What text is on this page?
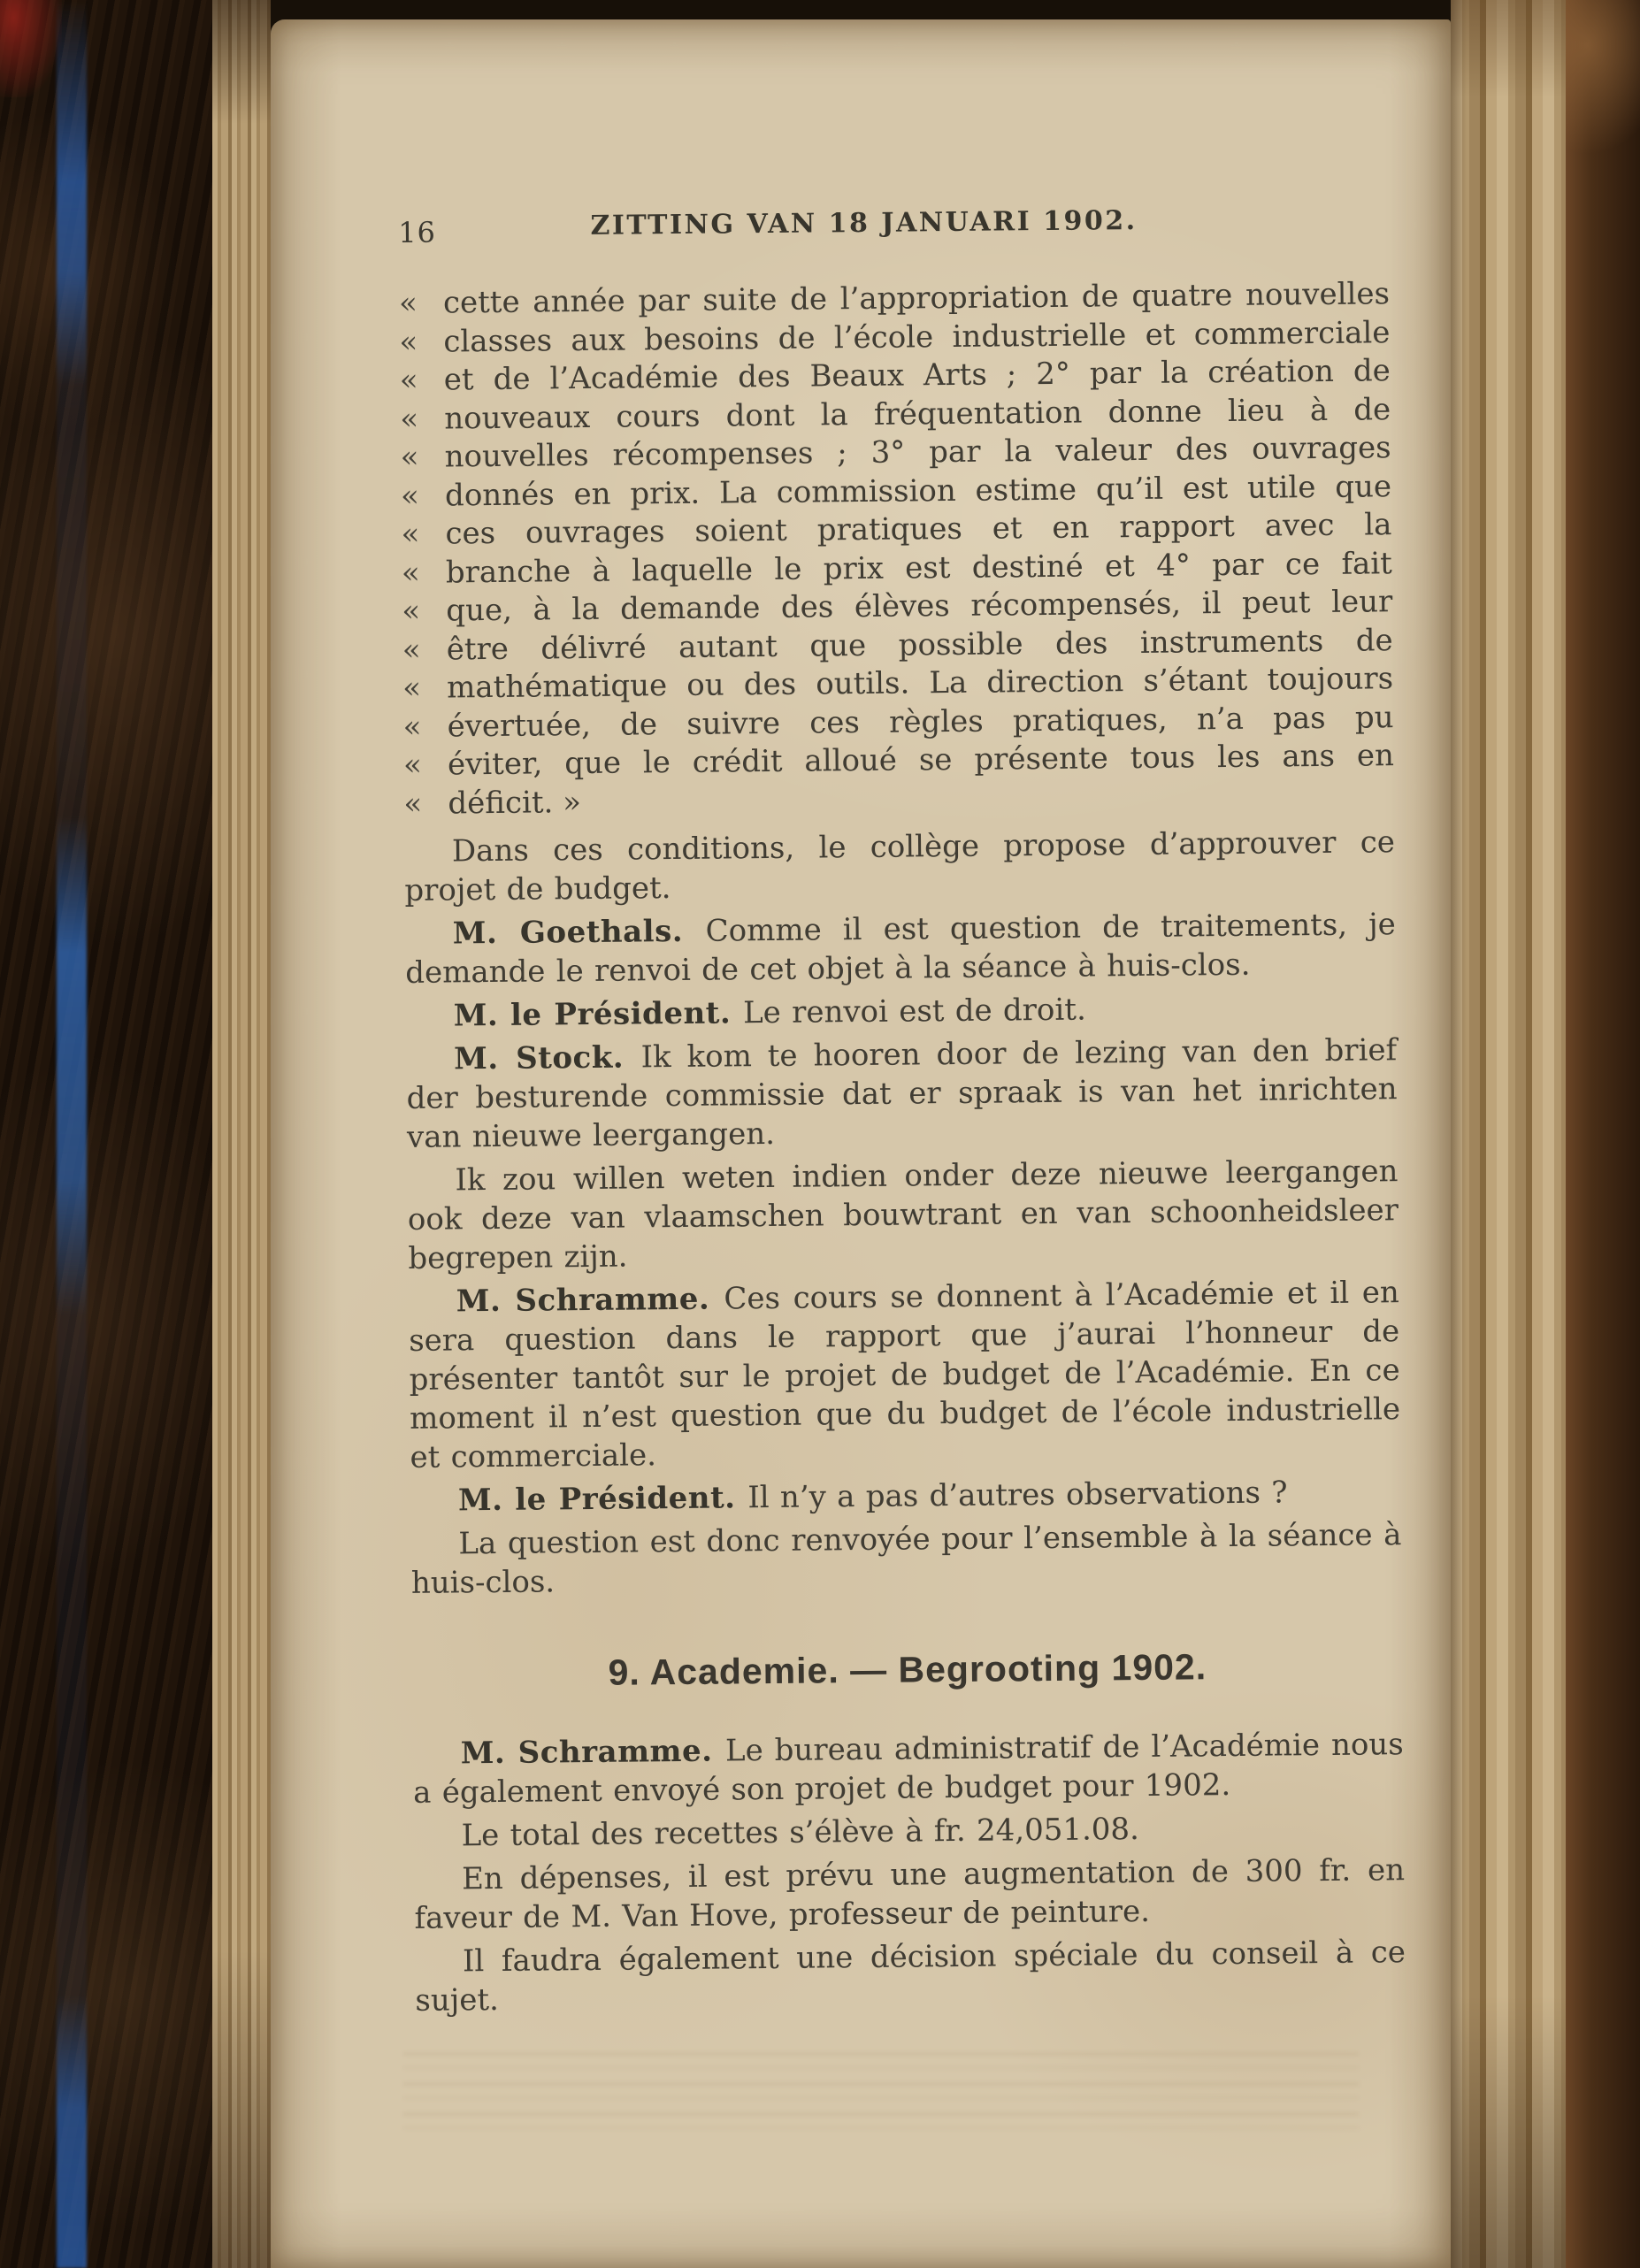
16	ZITTING VAN 18 JANUARI 1902.
« cette année par suite de l’appropriation de quatre nouvelles
« classes aux besoins de l’école industrielle et commerciale
« et de l’Académie des Beaux Arts ; 2° par la création de
« nouveaux cours dont la fréquentation donne lieu à de
« nouvelles récompenses ; 3° par la valeur des ouvrages
« donnés en prix. La commission estime qu’il est utile que
« ces ouvrages soient pratiques et en rapport avec la
« branche à laquelle le prix est destiné et 4° par ce fait
« que, à la demande des élèves récompensés, il peut leur
« être délivré autant que possible des instruments de
« mathématique ou des outils. La direction s’étant toujours
« évertuée, de suivre ces règles pratiques, n’a pas pu
« éviter, que le crédit alloué se présente tous les ans en
« déficit. »
Dans ces conditions, le collège propose d’approuver ce projet de budget.
M. Goethals. Comme il est question de traitements, je demande le renvoi de cet objet à la séance à huis-clos.
M. le Président. Le renvoi est de droit.
M. Stock. Ik kom te hooren door de lezing van den brief der besturende commissie dat er spraak is van het inrichten van nieuwe leergangen.
Ik zou willen weten indien onder deze nieuwe leergangen ook deze van vlaamschen bouwtrant en van schoonheidsleer begrepen zijn.
M. Schramme. Ces cours se donnent à l’Académie et il en sera question dans le rapport que j’aurai l’honneur de présenter tantôt sur le projet de budget de l’Académie. En ce moment il n’est question que du budget de l’école industrielle et commerciale.
M. le Président. Il n’y a pas d’autres observations ?
La question est donc renvoyée pour l’ensemble à la séance à huis-clos.
9. Academie. — Begrooting 1902.
M. Schramme. Le bureau administratif de l’Académie nous a également envoyé son projet de budget pour 1902.
Le total des recettes s’élève à fr. 24,051.08.
En dépenses, il est prévu une augmentation de 300 fr. en faveur de M. Van Hove, professeur de peinture.
Il faudra également une décision spéciale du conseil à ce sujet.
